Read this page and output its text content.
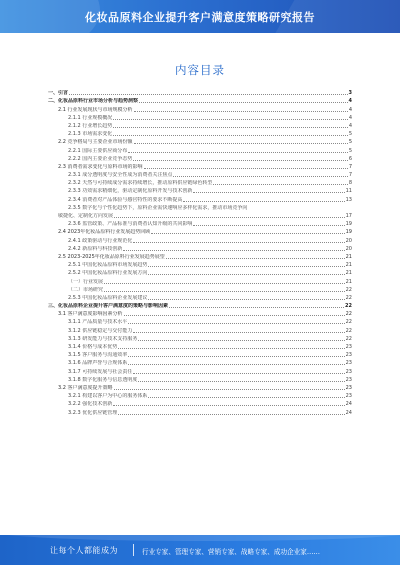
化妆品原料企业提升客户满意度策略研究报告
内容目录
一、引言	3
二、化妆品原料行业市场分析与趋势洞察	4
2.1 行业发展现状与市场规模分析	4
2.1.1 行业规模概况	4
2.1.2 行业增长趋势	4
2.1.3 市场需求变化	5
2.2 竞争格局与主要企业市场份额	5
2.2.1 国际主要供应商分布	5
2.2.2 国内主要企业竞争态势	6
2.3 消费者需求变化与原料市场的影响	7
2.3.1 成分透明度与安全性成为消费者关注焦点	7
2.3.2 天然与可持续成分需求持续增长，推动原料供应链绿色转型	8
2.3.3 功效需求精细化，驱动定制化原料开发与技术创新	11
2.3.4 消费者对产品体验与感官特性的要求不断提高	13
2.3.5 数字化与个性化趋势下，原料企业需快速响应多样化需求，推动市场竞争向
敏捷化、定制化方向发展	17
2.3.6 监管政策、产品标准与消费者认知升级的共同影响	19
2.4 2023年化妆品原料行业发展趋势回顾	19
2.4.1 政策驱动与行业规范化	20
2.4.2 新原料与科技创新	20
2.5 2023-2025年化妆品原料行业发展趋势展望	21
2.5.1 中国化妆品原料市场发展趋势	21
2.5.2 中国化妆品原料行业发展方向	21
（一）行业发展	21
（二）市场研究	22
2.5.3 中国化妆品原料企业发展建议	22
三、化妆品原料企业提升客户满意度的策略与影响因素	22
3.1 客户满意度影响因素分析	22
3.1.1 产品质量与技术水平	22
3.1.2 供应链稳定与交付能力	22
3.1.3 研发能力与技术支持服务	22
3.1.4 价格与成本优势	23
3.1.5 客户服务与沟通效率	23
3.1.6 品牌声誉与合规体系	23
3.1.7 可持续发展与社会责任	23
3.1.8 数字化服务与信息透明度	23
3.2 客户满意度提升策略	23
3.2.1 构建以客户为中心的服务体系	23
3.2.2 强化技术创新	24
3.2.3 优化供应链管理	24
让每个人都能成为	行业专家、管理专家、营销专家、战略专家、成功企业家……
